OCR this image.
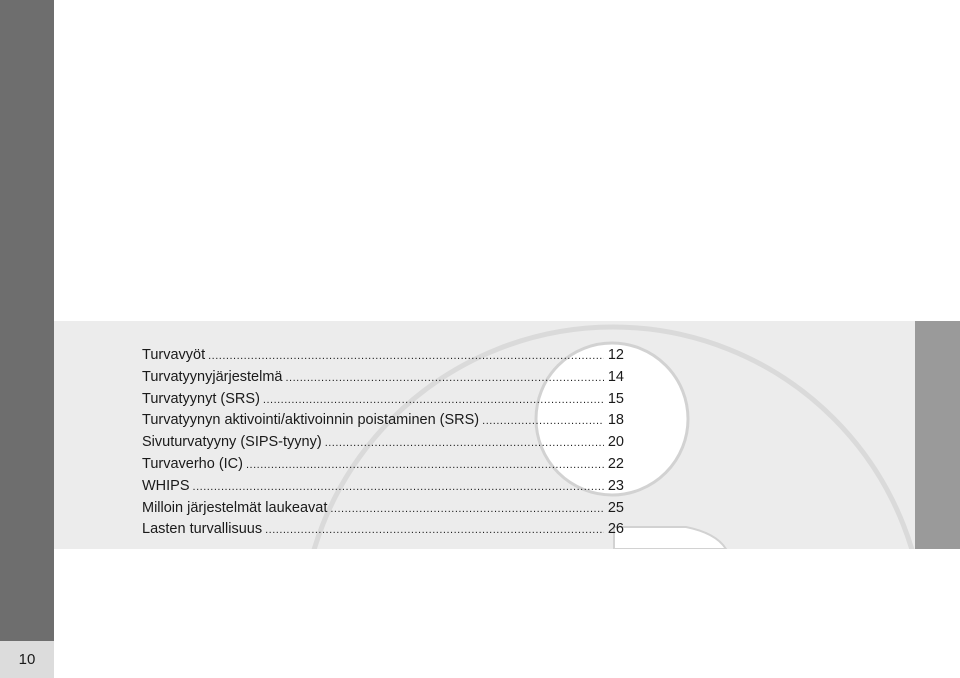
10
Turvavyöt .....	12
Turvatyynyjärjestelmä .....	14
Turvatyynyt (SRS) .....	15
Turvatyynyn aktivointi/aktivoinnin poistaminen (SRS) .....	18
Sivuturvatyyny (SIPS-tyyny) .....	20
Turvaverho (IC) .....	22
WHIPS .....	23
Milloin järjestelmät laukeavat .....	25
Lasten turvallisuus .....	26
